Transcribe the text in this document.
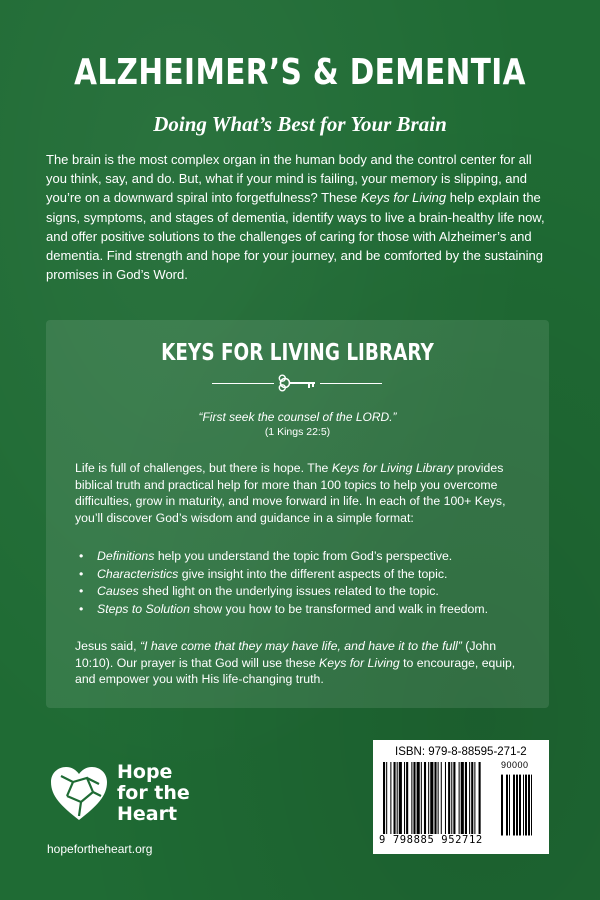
ALZHEIMER’S & DEMENTIA
Doing What’s Best for Your Brain

The brain is the most complex organ in the human body and the control center for all you think, say, and do. But, what if your mind is failing, your memory is slipping, and you’re on a downward spiral into forgetfulness? These Keys for Living help explain the signs, symptoms, and stages of dementia, identify ways to live a brain-healthy life now, and offer positive solutions to the challenges of caring for those with Alzheimer’s and dementia. Find strength and hope for your journey, and be comforted by the sustaining promises in God’s Word.

KEYS FOR LIVING LIBRARY
“First seek the counsel of the LORD.”
(1 Kings 22:5)

Life is full of challenges, but there is hope. The Keys for Living Library provides biblical truth and practical help for more than 100 topics to help you overcome difficulties, grow in maturity, and move forward in life. In each of the 100+ Keys, you’ll discover God’s wisdom and guidance in a simple format:

• Definitions help you understand the topic from God’s perspective.
• Characteristics give insight into the different aspects of the topic.
• Causes shed light on the underlying issues related to the topic.
• Steps to Solution show you how to be transformed and walk in freedom.

Jesus said, “I have come that they may have life, and have it to the full” (John 10:10). Our prayer is that God will use these Keys for Living to encourage, equip, and empower you with His life-changing truth.

Hope
for the
Heart
hopefortheheart.org
ISBN: 979-8-88595-271-2
90000
9 798885 952712
